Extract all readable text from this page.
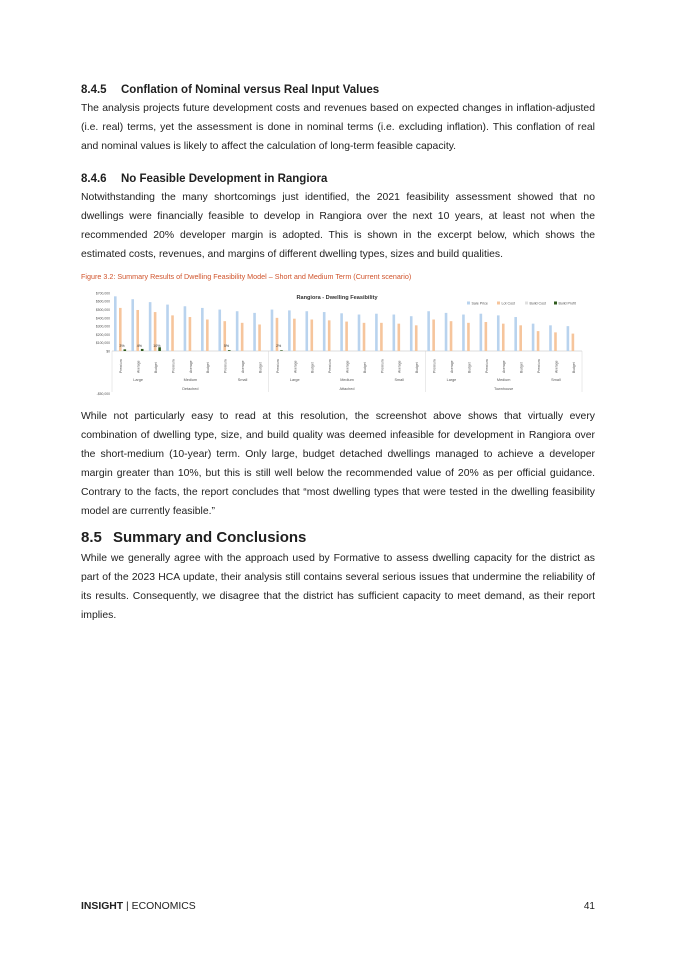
8.4.5 Conflation of Nominal versus Real Input Values
The analysis projects future development costs and revenues based on expected changes in inflation-adjusted (i.e. real) terms, yet the assessment is done in nominal terms (i.e. excluding inflation). This conflation of real and nominal values is likely to affect the calculation of long-term feasible capacity.
8.4.6 No Feasible Development in Rangiora
Notwithstanding the many shortcomings just identified, the 2021 feasibility assessment showed that no dwellings were financially feasible to develop in Rangiora over the next 10 years, at least not when the recommended 20% developer margin is adopted. This is shown in the excerpt below, which shows the estimated costs, revenues, and margins of different dwelling types, sizes and build qualities.
Figure 3.2: Summary Results of Dwelling Feasibility Model – Short and Medium Term (Current scenario)
Rangiora - Dwelling Feasibility
Sale Price	Lot Cost	Build Cost	Build Profit
$700,000
$600,000
$500,000
$400,000
$300,000
$200,000
$100,000
$0
-$50,000
Premium	Average	Budget	Premium	Average	Budget	Premium	Average	Budget	Premium	Average	Budget	Premium	Average	Budget	Premium	Average	Budget	Premium	Average	Budget	Premium	Average	Budget	Premium	Average	Budget
3%	4%	10%	5%	2%
Large	Medium	Small	Large	Medium	Small	Large	Medium	Small
Detached	Attached	Townhouse
While not particularly easy to read at this resolution, the screenshot above shows that virtually every combination of dwelling type, size, and build quality was deemed infeasible for development in Rangiora over the short-medium (10-year) term. Only large, budget detached dwellings managed to achieve a developer margin greater than 10%, but this is still well below the recommended value of 20% as per official guidance. Contrary to the facts, the report concludes that “most dwelling types that were tested in the dwelling feasibility model are currently feasible.”
8.5 Summary and Conclusions
While we generally agree with the approach used by Formative to assess dwelling capacity for the district as part of the 2023 HCA update, their analysis still contains several serious issues that undermine the reliability of its results. Consequently, we disagree that the district has sufficient capacity to meet demand, as their report implies.
INSIGHT | ECONOMICS	41
